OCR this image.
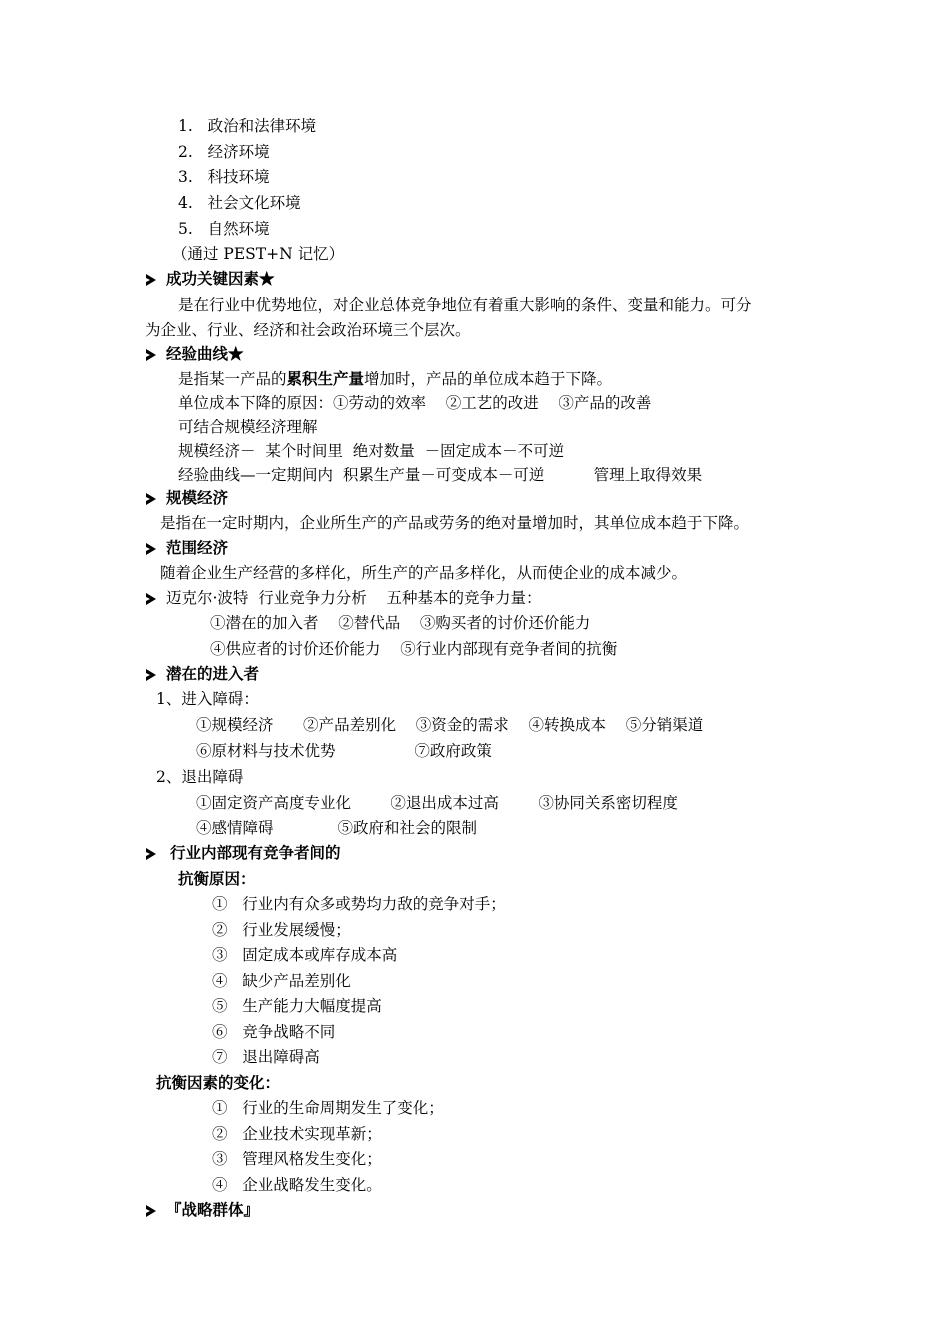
1.   政治和法律环境
2.   经济环境
3.   科技环境
4.   社会文化环境
5.   自然环境
（通过 PEST+N 记忆）
成功关键因素★
是在行业中优势地位，对企业总体竞争地位有着重大影响的条件、变量和能力。可分
为企业、行业、经济和社会政治环境三个层次。
经验曲线★
是指某一产品的累积生产量增加时，产品的单位成本趋于下降。
单位成本下降的原因：①劳动的效率    ②工艺的改进    ③产品的改善
可结合规模经济理解
规模经济－  某个时间里  绝对数量  －固定成本－不可逆
经验曲线—一定期间内  积累生产量－可变成本－可逆          管理上取得效果
规模经济
是指在一定时期内，企业所生产的产品或劳务的绝对量增加时，其单位成本趋于下降。
范围经济
随着企业生产经营的多样化，所生产的产品多样化，从而使企业的成本减少。
迈克尔·波特  行业竞争力分析    五种基本的竞争力量：
①潜在的加入者    ②替代品    ③购买者的讨价还价能力
④供应者的讨价还价能力    ⑤行业内部现有竞争者间的抗衡
潜在的进入者
1、进入障碍：
①规模经济      ②产品差别化    ③资金的需求    ④转换成本    ⑤分销渠道
⑥原材料与技术优势                ⑦政府政策
2、退出障碍
①固定资产高度专业化        ②退出成本过高        ③协同关系密切程度
④感情障碍             ⑤政府和社会的限制
行业内部现有竞争者间的
抗衡原因：
①   行业内有众多或势均力敌的竞争对手；
②   行业发展缓慢；
③   固定成本或库存成本高
④   缺少产品差别化
⑤   生产能力大幅度提高
⑥   竞争战略不同
⑦   退出障碍高
抗衡因素的变化：
①   行业的生命周期发生了变化；
②   企业技术实现革新；
③   管理风格发生变化；
④   企业战略发生变化。
『战略群体』
